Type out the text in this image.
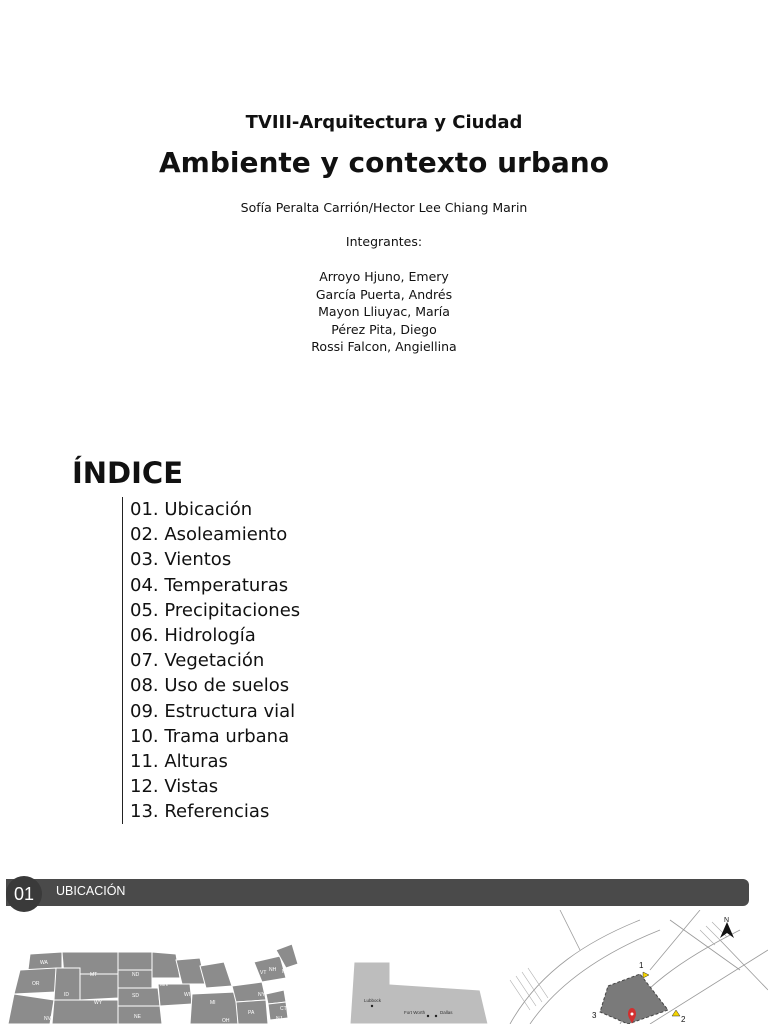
TVIII-Arquitectura y Ciudad
Ambiente y contexto urbano
Sofía Peralta Carrión/Hector Lee Chiang Marin
Integrantes:
Arroyo Hjuno, Emery
García Puerta, Andrés
Mayon Lliuyac, María
Pérez Pita, Diego
Rossi Falcon, Angiellina
ÍNDICE
01. Ubicación
02. Asoleamiento
03. Vientos
04. Temperaturas
05. Precipitaciones
06. Hidrología
07. Vegetación
08. Uso de suelos
09. Estructura vial
10. Trama urbana
11. Alturas
12. Vistas
13. Referencias
01	UBICACIÓN
WA
MT	ND
OR
ID	SD
MN
WI
MI
WY
NE
IA
NV
VT NH ME
NY	MA
RI
CT
PA
NJ
OH
Lubbock
Fort Worth	Dallas
1
2
3
N
